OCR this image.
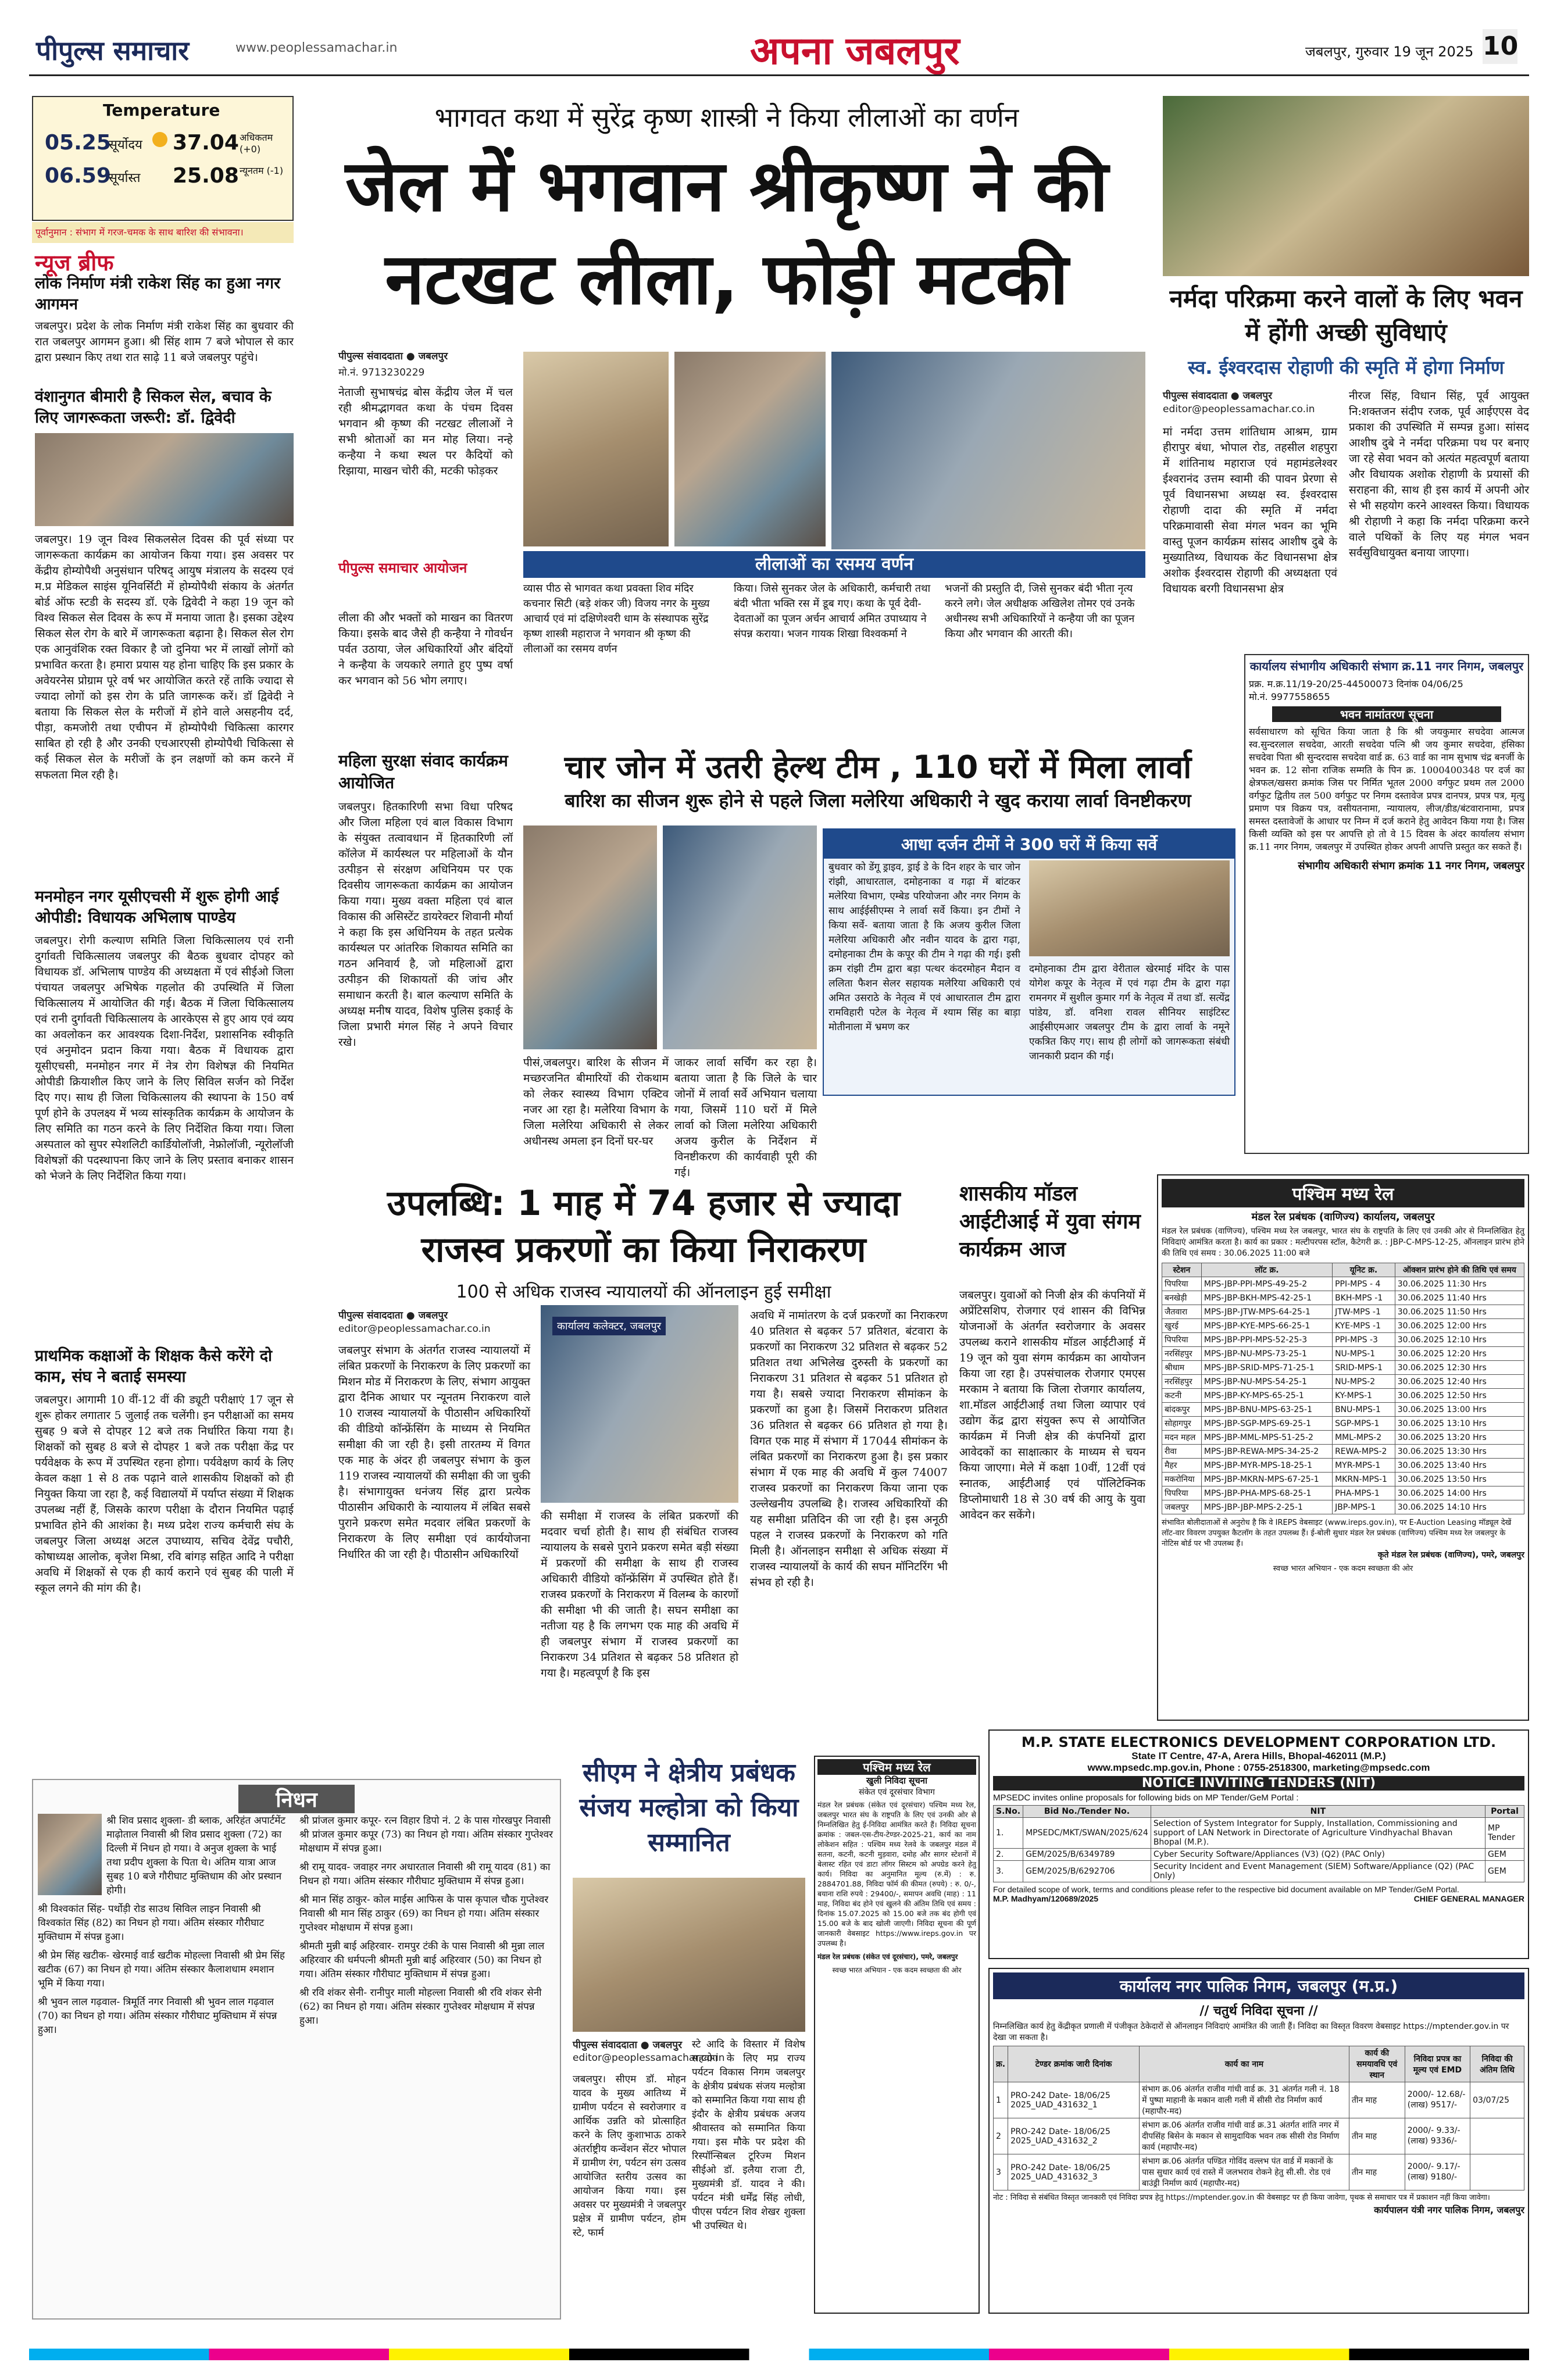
पीपुल्स समाचार	www.peoplessamachar.in	अपना जबलपुर	जबलपुर, गुरुवार 19 जून 2025 10
Temperature
05.25
सूर्योदय
06.59
सूर्यास्त
37.04 अधिकतम (+0)
25.08 न्यूनतम (-1)
पूर्वानुमान : संभाग में गरज-चमक के साथ बारिश की संभावना।
न्यूज ब्रीफ
लोक निर्माण मंत्री राकेश सिंह का हुआ नगर आगमन
जबलपुर। प्रदेश के लोक निर्माण मंत्री राकेश सिंह का बुधवार की रात जबलपुर आगमन हुआ। श्री सिंह शाम 7 बजे भोपाल से कार द्वारा प्रस्थान किए तथा रात साढ़े 11 बजे जबलपुर पहुंचे।
वंशानुगत बीमारी है सिकल सेल, बचाव के लिए जागरूकता जरूरी: डॉ. द्विवेदी
जबलपुर। 19 जून विश्व सिकलसेल दिवस की पूर्व संध्या पर जागरूकता कार्यक्रम का आयोजन किया गया। इस अवसर पर केंद्रीय होम्योपैथी अनुसंधान परिषद् आयुष मंत्रालय के सदस्य एवं म.प्र मेडिकल साइंस यूनिवर्सिटी में होम्योपैथी संकाय के अंतर्गत बोर्ड ऑफ स्टडी के सदस्य डॉ. एके द्विवेदी ने कहा 19 जून को विश्व सिकल सेल दिवस के रूप में मनाया जाता है। इसका उद्देश्य सिकल सेल रोग के बारे में जागरूकता बढ़ाना है। सिकल सेल रोग एक आनुवंशिक रक्त विकार है जो दुनिया भर में लाखों लोगों को प्रभावित करता है। हमारा प्रयास यह होना चाहिए कि इस प्रकार के अवेयरनेस प्रोग्राम पूरे वर्ष भर आयोजित करते रहें ताकि ज्यादा से ज्यादा लोगों को इस रोग के प्रति जागरूक करें। डॉ द्विवेदी ने बताया कि सिकल सेल के मरीजों में होने वाले असहनीय दर्द, पीड़ा, कमजोरी तथा एचीपन में होम्योपैथी चिकित्सा कारगर साबित हो रही है और उनकी एचआरएसी होम्योपैथी चिकित्सा से कई सिकल सेल के मरीजों के इन लक्षणों को कम करने में सफलता मिल रही है।
मनमोहन नगर यूसीएचसी में शुरू होगी आई ओपीडी: विधायक अभिलाष पाण्डेय
जबलपुर। रोगी कल्याण समिति जिला चिकित्सालय एवं रानी दुर्गावती चिकित्सालय जबलपुर की बैठक बुधवार दोपहर को विधायक डॉ. अभिलाष पाण्डेय की अध्यक्षता में एवं सीईओ जिला पंचायत जबलपुर अभिषेक गहलोत की उपस्थिति में जिला चिकित्सालय में आयोजित की गई। बैठक में जिला चिकित्सालय एवं रानी दुर्गावती चिकित्सालय के आरकेएस से हुए आय एवं व्यय का अवलोकन कर आवश्यक दिशा-निर्देश, प्रशासनिक स्वीकृति एवं अनुमोदन प्रदान किया गया। बैठक में विधायक द्वारा यूसीएचसी, मनमोहन नगर में नेत्र रोग विशेषज्ञ की नियमित ओपीडी क्रियाशील किए जाने के लिए सिविल सर्जन को निर्देश दिए गए। साथ ही जिला चिकित्सालय की स्थापना के 150 वर्ष पूर्ण होने के उपलक्ष्य में भव्य सांस्कृतिक कार्यक्रम के आयोजन के लिए समिति का गठन करने के लिए निर्देशित किया गया। जिला अस्पताल को सुपर स्पेशलिटी कार्डियोलॉजी, नेफ्रोलॉजी, न्यूरोलॉजी विशेषज्ञों की पदस्थापना किए जाने के लिए प्रस्ताव बनाकर शासन को भेजने के लिए निर्देशित किया गया।
प्राथमिक कक्षाओं के शिक्षक कैसे करेंगे दो काम, संघ ने बताई समस्या
जबलपुर। आगामी 10 वीं-12 वीं की ड्यूटी परीक्षाएं 17 जून से शुरू होकर लगातार 5 जुलाई तक चलेंगी। इन परीक्षाओं का समय सुबह 9 बजे से दोपहर 12 बजे तक निर्धारित किया गया है। शिक्षकों को सुबह 8 बजे से दोपहर 1 बजे तक परीक्षा केंद्र पर पर्यवेक्षक के रूप में उपस्थित रहना होगा। पर्यवेक्षण कार्य के लिए केवल कक्षा 1 से 8 तक पढ़ाने वाले शासकीय शिक्षकों को ही नियुक्त किया जा रहा है, कई विद्यालयों में पर्याप्त संख्या में शिक्षक उपलब्ध नहीं हैं, जिसके कारण परीक्षा के दौरान नियमित पढ़ाई प्रभावित होने की आशंका है। मध्य प्रदेश राज्य कर्मचारी संघ के जबलपुर जिला अध्यक्ष अटल उपाध्याय, सचिव देवेंद्र पचौरी, कोषाध्यक्ष आलोक, बृजेश मिश्रा, रवि बांगड़ सहित आदि ने परीक्षा अवधि में शिक्षकों से एक ही कार्य कराने एवं सुबह की पाली में स्कूल लगने की मांग की है।
भागवत कथा में सुरेंद्र कृष्ण शास्त्री ने किया लीलाओं का वर्णन
जेल में भगवान श्रीकृष्ण ने की नटखट लीला, फोड़ी मटकी
पीपुल्स संवाददाता ● जबलपुर
मो.नं. 9713230229
नेताजी सुभाषचंद्र बोस केंद्रीय जेल में चल रही श्रीमद्भागवत कथा के पंचम दिवस भगवान श्री कृष्ण की नटखट लीलाओं ने सभी श्रोताओं का मन मोह लिया। नन्हे कन्हैया ने कथा स्थल पर कैदियों को रिझाया, माखन चोरी की, मटकी फोड़कर
पीपुल्स समाचार आयोजन
लीला की और भक्तों को माखन का वितरण किया। इसके बाद जैसे ही कन्हैया ने गोवर्धन पर्वत उठाया, जेल अधिकारियों और बंदियों ने कन्हैया के जयकारे लगाते हुए पुष्प वर्षा कर भगवान को 56 भोग लगाए।
लीलाओं का रसमय वर्णन
व्यास पीठ से भागवत कथा प्रवक्ता शिव मंदिर कचनार सिटी (बड़े शंकर जी) विजय नगर के मुख्य आचार्य एवं मां दक्षिणेश्वरी धाम के संस्थापक सुरेंद्र कृष्ण शास्त्री महाराज ने भगवान श्री कृष्ण की लीलाओं का रसमय वर्णन
किया। जिसे सुनकर जेल के अधिकारी, कर्मचारी तथा बंदी भीता भक्ति रस में डूब गए। कथा के पूर्व देवी-देवताओं का पूजन अर्चन आचार्य अमित उपाध्याय ने संपन्न कराया। भजन गायक शिखा विश्वकर्मा ने
भजनों की प्रस्तुति दी, जिसे सुनकर बंदी भीता नृत्य करने लगे। जेल अधीक्षक अखिलेश तोमर एवं उनके अधीनस्थ सभी अधिकारियों ने कन्हैया जी का पूजन किया और भगवान की आरती की।
नर्मदा परिक्रमा करने वालों के लिए भवन में होंगी अच्छी सुविधाएं
स्व. ईश्वरदास रोहाणी की स्मृति में होगा निर्माण
पीपुल्स संवाददाता ● जबलपुर
editor@peoplessamachar.co.in
मां नर्मदा उत्तम शांतिधाम आश्रम, ग्राम हीरापुर बंधा, भोपाल रोड, तहसील शहपुरा में शांतिनाथ महाराज एवं महामंडलेश्वर ईश्वरानंद उत्तम स्वामी की पावन प्रेरणा से पूर्व विधानसभा अध्यक्ष स्व. ईश्वरदास रोहाणी दादा की स्मृति में नर्मदा परिक्रमावासी सेवा मंगल भवन का भूमि वास्तु पूजन कार्यक्रम सांसद आशीष दुबे के मुख्यातिथ्य, विधायक केंट विधानसभा क्षेत्र अशोक ईश्वरदास रोहाणी की अध्यक्षता एवं विधायक बरगी विधानसभा क्षेत्र
नीरज सिंह, विधान सिंह, पूर्व आयुक्त नि:शक्तजन संदीप रजक, पूर्व आईएएस वेद प्रकाश की उपस्थिति में सम्पन्न हुआ। सांसद आशीष दुबे ने नर्मदा परिक्रमा पथ पर बनाए जा रहे सेवा भवन को अत्यंत महत्वपूर्ण बताया और विधायक अशोक रोहाणी के प्रयासों की सराहना की, साथ ही इस कार्य में अपनी ओर से भी सहयोग करने आश्वस्त किया। विधायक श्री रोहाणी ने कहा कि नर्मदा परिक्रमा करने वाले पथिकों के लिए यह मंगल भवन सर्वसुविधायुक्त बनाया जाएगा।
कार्यालय संभागीय अधिकारी संभाग क्र.11 नगर निगम, जबलपुर
प्रक्र. म.क्र.11/19-20/25-44500073 दिनांक 04/06/25
मो.नं. 9977558655
भवन नामांतरण सूचना
सर्वसाधारण को सूचित किया जाता है कि श्री जयकुमार सचदेवा आत्मज स्व.सुन्दरलाल सचदेवा, आरती सचदेवा पत्नि श्री जय कुमार सचदेवा, हंसिका सचदेवा पिता श्री सुन्दरदास सचदेवा वार्ड क्र. 63 वार्ड का नाम सुभाष चंद्र बनर्जी के भवन क्र. 12 सोना राजिक सम्मति के पिन क्र. 1000400348 पर दर्ज का क्षेत्रफल/खसरा क्रमांक जिस पर निर्मित भूतल 2000 वर्गफुट प्रथम तल 2000 वर्गफुट द्वितीय तल 500 वर्गफुट पर निगम दस्तावेज प्रपत्र दानपत्र, प्रपत्र पत्र, मृत्यु प्रमाण पत्र विक्रय पत्र, वसीयतनामा, न्यायालय, लीज/डीड/बंटवारानामा, प्रपत्र समस्त दस्तावेजों के आधार पर निम्न में दर्ज कराने हेतु आवेदन किया गया है। जिस किसी व्यक्ति को इस पर आपत्ति हो तो वे 15 दिवस के अंदर कार्यालय संभाग क्र.11 नगर निगम, जबलपुर में उपस्थित होकर अपनी आपत्ति प्रस्तुत कर सकते हैं।
संभागीय अधिकारी संभाग क्रमांक 11 नगर निगम, जबलपुर
महिला सुरक्षा संवाद कार्यक्रम आयोजित
जबलपुर। हितकारिणी सभा विधा परिषद और जिला महिला एवं बाल विकास विभाग के संयुक्त तत्वावधान में हितकारिणी लॉ कॉलेज में कार्यस्थल पर महिलाओं के यौन उत्पीड़न से संरक्षण अधिनियम पर एक दिवसीय जागरूकता कार्यक्रम का आयोजन किया गया। मुख्य वक्ता महिला एवं बाल विकास की असिस्टेंट डायरेक्टर शिवानी मौर्या ने कहा कि इस अधिनियम के तहत प्रत्येक कार्यस्थल पर आंतरिक शिकायत समिति का गठन अनिवार्य है, जो महिलाओं द्वारा उत्पीड़न की शिकायतों की जांच और समाधान करती है। बाल कल्याण समिति के अध्यक्ष मनीष यादव, विशेष पुलिस इकाई के जिला प्रभारी मंगल सिंह ने अपने विचार रखे।
चार जोन में उतरी हेल्थ टीम , 110 घरों में मिला लार्वा
बारिश का सीजन शुरू होने से पहले जिला मलेरिया अधिकारी ने खुद कराया लार्वा विनष्टीकरण
आधा दर्जन टीमों ने 300 घरों में किया सर्वे
बुधवार को डेंगू ड्राइव, ड्राई डे के दिन शहर के चार जोन रांझी, आधारताल, दमोहनाका व गढ़ा में बांटकर मलेरिया विभाग, एम्बेड परियोजना और नगर निगम के साथ आईईसीएम्स ने लार्वा सर्वे किया। इन टीमों ने किया सर्वे- बताया जाता है कि अजय कुरील जिला मलेरिया अधिकारी और नवीन यादव के द्वारा गढ़ा, दमोहनाका टीम के कपूर की टीम ने गढ़ा की गई। इसी क्रम रांझी टीम द्वारा बड़ा पत्थर कंदरमोहन मैदान व ललिता फैशन सेलर सहायक मलेरिया अधिकारी एवं अमित उसराठे के नेतृत्व में एवं आधारताल टीम द्वारा रामविहारी पटेल के नेतृत्व में श्याम सिंह का बाड़ा मोतीनाला में भ्रमण कर
दमोहनाका टीम द्वारा वेरीताल खेरमाई मंदिर के पास योगेश कपूर के नेतृत्व में एवं गढ़ा टीम के द्वारा गढ़ा रामनगर में सुशील कुमार गर्ग के नेतृत्व में तथा डॉ. सत्येंद्र पांडेय, डॉ. वनिशा रावल सीनियर साइंटिस्ट आईसीएमआर जबलपुर टीम के द्वारा लार्वा के नमूने एकत्रित किए गए। साथ ही लोगों को जागरूकता संबंधी जानकारी प्रदान की गई।
पीसं,जबलपुर। बारिश के सीजन में मच्छरजनित बीमारियों की रोकथाम को लेकर स्वास्थ्य विभाग एक्टिव नजर आ रहा है। मलेरिया विभाग के जिला मलेरिया अधिकारी से लेकर अधीनस्थ अमला इन दिनों घर-घर
जाकर लार्वा सर्चिंग कर रहा है। बताया जाता है कि जिले के चार जोनों में लार्वा सर्वे अभियान चलाया गया, जिसमें 110 घरों में मिले लार्वा को जिला मलेरिया अधिकारी अजय कुरील के निर्देशन में विनष्टीकरण की कार्यवाही पूरी की गई।
उपलब्धि: 1 माह में 74 हजार से ज्यादा
राजस्व प्रकरणों का किया निराकरण
100 से अधिक राजस्व न्यायालयों की ऑनलाइन हुई समीक्षा
पीपुल्स संवाददाता ● जबलपुर
editor@peoplessamachar.co.in
जबलपुर संभाग के अंतर्गत राजस्व न्यायालयों में लंबित प्रकरणों के निराकरण के लिए प्रकरणों का मिशन मोड में निराकरण के लिए, संभाग आयुक्त द्वारा दैनिक आधार पर न्यूनतम निराकरण वाले 10 राजस्व न्यायालयों के पीठासीन अधिकारियों की वीडियो कॉन्फ्रेंसिंग के माध्यम से नियमित समीक्षा की जा रही है। इसी तारतम्य में विगत एक माह के अंदर ही जबलपुर संभाग के कुल 119 राजस्व न्यायालयों की समीक्षा की जा चुकी है। संभागायुक्त धनंजय सिंह द्वारा प्रत्येक पीठासीन अधिकारी के न्यायालय में लंबित सबसे पुराने प्रकरण समेत मदवार लंबित प्रकरणों के निराकरण के लिए समीक्षा एवं कार्ययोजना निर्धारित की जा रही है। पीठासीन अधिकारियों
कार्यालय कलेक्टर, जबलपुर
की समीक्षा में राजस्व के लंबित प्रकरणों की मदवार चर्चा होती है। साथ ही संबंधित राजस्व न्यायालय के सबसे पुराने प्रकरण समेत बड़ी संख्या में प्रकरणों की समीक्षा के साथ ही राजस्व अधिकारी वीडियो कॉन्फ्रेंसिंग में उपस्थित होते हैं। राजस्व प्रकरणों के निराकरण में विलम्ब के कारणों की समीक्षा भी की जाती है। सघन समीक्षा का नतीजा यह है कि लगभग एक माह की अवधि में ही जबलपुर संभाग में राजस्व प्रकरणों का निराकरण 34 प्रतिशत से बढ़कर 58 प्रतिशत हो गया है। महत्वपूर्ण है कि इस
अवधि में नामांतरण के दर्ज प्रकरणों का निराकरण 40 प्रतिशत से बढ़कर 57 प्रतिशत, बंटवारा के प्रकरणों का निराकरण 32 प्रतिशत से बढ़कर 52 प्रतिशत तथा अभिलेख दुरुस्ती के प्रकरणों का निराकरण 31 प्रतिशत से बढ़कर 51 प्रतिशत हो गया है। सबसे ज्यादा निराकरण सीमांकन के प्रकरणों का हुआ है। जिसमें निराकरण प्रतिशत 36 प्रतिशत से बढ़कर 66 प्रतिशत हो गया है। विगत एक माह में संभाग में 17044 सीमांकन के लंबित प्रकरणों का निराकरण हुआ है। इस प्रकार संभाग में एक माह की अवधि में कुल 74007 राजस्व प्रकरणों का निराकरण किया जाना एक उल्लेखनीय उपलब्धि है। राजस्व अधिकारियों की यह समीक्षा प्रतिदिन की जा रही है। इस अनूठी पहल ने राजस्व प्रकरणों के निराकरण को गति मिली है। ऑनलाइन समीक्षा से अधिक संख्या में राजस्व न्यायालयों के कार्य की सघन मॉनिटरिंग भी संभव हो रही है।
शासकीय मॉडल आईटीआई में युवा संगम कार्यक्रम आज
जबलपुर। युवाओं को निजी क्षेत्र की कंपनियों में अप्रेंटिसशिप, रोजगार एवं शासन की विभिन्न योजनाओं के अंतर्गत स्वरोजगार के अवसर उपलब्ध कराने शासकीय मॉडल आईटीआई में 19 जून को युवा संगम कार्यक्रम का आयोजन किया जा रहा है। उपसंचालक रोजगार एमएस मरकाम ने बताया कि जिला रोजगार कार्यालय, शा.मॉडल आईटीआई तथा जिला व्यापार एवं उद्योग केंद्र द्वारा संयुक्त रूप से आयोजित कार्यक्रम में निजी क्षेत्र की कंपनियों द्वारा आवेदकों का साक्षात्कार के माध्यम से चयन किया जाएगा। मेले में कक्षा 10वीं, 12वीं एवं स्नातक, आईटीआई एवं पॉलिटेक्निक डिप्लोमाधारी 18 से 30 वर्ष की आयु के युवा आवेदन कर सकेंगे।
पश्चिम मध्य रेल
मंडल रेल प्रबंधक (वाणिज्य) कार्यालय, जबलपुर
मंडल रेल प्रबंधक (वाणिज्य), पश्चिम मध्य रेल जबलपुर, भारत संघ के राष्ट्रपति के लिए एवं उनकी ओर से निम्नलिखित हेतु निविदाएं आमंत्रित करता है। कार्य का प्रकार : मल्टीपरपस स्टॉल, कैटेगरी क्र. : JBP-C-MPS-12-25, ऑनलाइन प्रारंभ होने की तिथि एवं समय : 30.06.2025 11:00 बजे
स्टेशन	लॉट क्र.	यूनिट क्र.	ऑक्शन प्रारंभ होने की तिथि एवं समय
पिपरिया	MPS-JBP-PPI-MPS-49-25-2	PPI-MPS - 4	30.06.2025 11:30 Hrs
बनखेड़ी	MPS-JBP-BKH-MPS-42-25-1	BKH-MPS -1	30.06.2025 11:40 Hrs
जैतवारा	MPS-JBP-JTW-MPS-64-25-1	JTW-MPS -1	30.06.2025 11:50 Hrs
खुरई	MPS-JBP-KYE-MPS-66-25-1	KYE-MPS -1	30.06.2025 12:00 Hrs
पिपरिया	MPS-JBP-PPI-MPS-52-25-3	PPI-MPS -3	30.06.2025 12:10 Hrs
नरसिंहपुर	MPS-JBP-NU-MPS-73-25-1	NU-MPS-1	30.06.2025 12:20 Hrs
श्रीधाम	MPS-JBP-SRID-MPS-71-25-1	SRID-MPS-1	30.06.2025 12:30 Hrs
नरसिंहपुर	MPS-JBP-NU-MPS-54-25-1	NU-MPS-2	30.06.2025 12:40 Hrs
कटनी	MPS-JBP-KY-MPS-65-25-1	KY-MPS-1	30.06.2025 12:50 Hrs
बांदकपुर	MPS-JBP-BNU-MPS-63-25-1	BNU-MPS-1	30.06.2025 13:00 Hrs
सोहागपुर	MPS-JBP-SGP-MPS-69-25-1	SGP-MPS-1	30.06.2025 13:10 Hrs
मदन महल	MPS-JBP-MML-MPS-51-25-2	MML-MPS-2	30.06.2025 13:20 Hrs
रीवा	MPS-JBP-REWA-MPS-34-25-2	REWA-MPS-2	30.06.2025 13:30 Hrs
मैहर	MPS-JBP-MYR-MPS-18-25-1	MYR-MPS-1	30.06.2025 13:40 Hrs
मकरोनिया	MPS-JBP-MKRN-MPS-67-25-1	MKRN-MPS-1	30.06.2025 13:50 Hrs
पिपरिया	MPS-JBP-PHA-MPS-68-25-1	PHA-MPS-1	30.06.2025 14:00 Hrs
जबलपुर	MPS-JBP-JBP-MPS-2-25-1	JBP-MPS-1	30.06.2025 14:10 Hrs
संभावित बोलीदाताओं से अनुरोध है कि वे IREPS वेबसाइट (www.ireps.gov.in), पर E-Auction Leasing मॉड्यूल देखें लॉट-वार विवरण उपयुक्त कैटलॉग के तहत उपलब्ध हैं। ई-बोली सुधार मंडल रेल प्रबंधक (वाणिज्य) पश्चिम मध्य रेल जबलपुर के नोटिस बोर्ड पर भी उपलब्ध हैं।
कृते मंडल रेल प्रबंधक (वाणिज्य), पमरे, जबलपुर
स्वच्छ भारत अभियान - एक कदम स्वच्छता की ओर
M.P. STATE ELECTRONICS DEVELOPMENT CORPORATION LTD.
State IT Centre, 47-A, Arera Hills, Bhopal-462011 (M.P.)
www.mpsedc.mp.gov.in, Phone : 0755-2518300, marketing@mpsedc.com
NOTICE INVITING TENDERS (NIT)
MPSEDC invites online proposals for following bids on MP Tender/GeM Portal :
S.No.	Bid No./Tender No.	NIT	Portal
1.	MPSEDC/MKT/SWAN/2025/624	Selection of System Integrator for Supply, Installation, Commissioning and support of LAN Network in Directorate of Agriculture Vindhyachal Bhavan Bhopal (M.P.).	MP Tender
2.	GEM/2025/B/6349789	Cyber Security Software/Appliances (V3) (Q2) (PAC Only)	GEM
3.	GEM/2025/B/6292706	Security Incident and Event Management (SIEM) Software/Appliance (Q2) (PAC Only)	GEM
For detailed scope of work, terms and conditions please refer to the respective bid document available on MP Tender/GeM Portal.
M.P. Madhyam/120689/2025	CHIEF GENERAL MANAGER
निधन
श्री शिव प्रसाद शुक्ला- डी ब्लाक, अरिहंत अपार्टमेंट माढ़ोताल निवासी श्री शिव प्रसाद शुक्ला (72) का दिल्ली में निधन हो गया। वे अनुज शुक्ला के भाई तथा प्रदीप शुक्ला के पिता थे। अंतिम यात्रा आज सुबह 10 बजे गौरीघाट मुक्तिधाम की ओर प्रस्थान होगी।
श्री विश्वकांत सिंह- पर्थोड़ी रोड साउथ सिविल लाइन निवासी श्री विश्वकांत सिंह (82) का निधन हो गया। अंतिम संस्कार गौरीघाट मुक्तिधाम में संपन्न हुआ।
श्री प्रेम सिंह खटीक- खेरमाई वार्ड खटीक मोहल्ला निवासी श्री प्रेम सिंह खटीक (67) का निधन हो गया। अंतिम संस्कार कैलाशधाम श्मशान भूमि में किया गया।
श्री भुवन लाल गढ़वाल- त्रिमूर्ति नगर निवासी श्री भुवन लाल गढ़वाल (70) का निधन हो गया। अंतिम संस्कार गौरीघाट मुक्तिधाम में संपन्न हुआ।
श्री प्रांजल कुमार कपूर- रत्न विहार डिपो नं. 2 के पास गोरखपुर निवासी श्री प्रांजल कुमार कपूर (73) का निधन हो गया। अंतिम संस्कार गुप्तेश्वर मोक्षधाम में संपन्न हुआ।
श्री रामू यादव- जवाहर नगर अधारताल निवासी श्री रामू यादव (81) का निधन हो गया। अंतिम संस्कार गौरीघाट मुक्तिधाम में संपन्न हुआ।
श्री मान सिंह ठाकुर- कोल माईस आफिस के पास कृपाल चौक गुप्तेश्वर निवासी श्री मान सिंह ठाकुर (69) का निधन हो गया। अंतिम संस्कार गुप्तेश्वर मोक्षधाम में संपन्न हुआ।
श्रीमती मुन्नी बाई अहिरवार- रामपुर टंकी के पास निवासी श्री मुन्ना लाल अहिरवार की धर्मपत्नी श्रीमती मुन्नी बाई अहिरवार (50) का निधन हो गया। अंतिम संस्कार गौरीघाट मुक्तिधाम में संपन्न हुआ।
श्री रवि शंकर सेनी- रानीपुर माली मोहल्ला निवासी श्री रवि शंकर सेनी (62) का निधन हो गया। अंतिम संस्कार गुप्तेश्वर मोक्षधाम में संपन्न हुआ।
सीएम ने क्षेत्रीय प्रबंधक संजय मल्होत्रा को किया सम्मानित
पीपुल्स संवाददाता ● जबलपुर
editor@peoplessamachar.co.in
जबलपुर। सीएम डॉ. मोहन यादव के मुख्य आतिथ्य में ग्रामीण पर्यटन से स्वरोजगार व आर्थिक उन्नति को प्रोत्साहित करने के लिए कुशाभाऊ ठाकरे अंतर्राष्ट्रीय कन्वेंशन सेंटर भोपाल में ग्रामीण रंग, पर्यटन संग उत्सव आयोजित स्तरीय उत्सव का आयोजन किया गया। इस अवसर पर मुख्यमंत्री ने जबलपुर प्रक्षेत्र में ग्रामीण पर्यटन, होम स्टे, फार्म
स्टे आदि के विस्तार में विशेष सहयोग के लिए मप्र राज्य पर्यटन विकास निगम जबलपुर के क्षेत्रीय प्रबंधक संजय मल्होत्रा को सम्मानित किया गया साथ ही इंदौर के क्षेत्रीय प्रबंधक अजय श्रीवास्तव को सम्मानित किया गया। इस मौके पर प्रदेश की रिस्पॉन्सिबल टूरिज्म मिशन सीईओ डॉ. इलैया राजा टी, मुख्यमंत्री डॉ. यादव ने की। पर्यटन मंत्री धर्मेंद्र सिंह लोधी, पीएस पर्यटन शिव शेखर शुक्ला भी उपस्थित थे।
पश्चिम मध्य रेल
खुली निविदा सूचना
संकेत एवं दूरसंचार विभाग
मंडल रेल प्रबंधक (संकेत एवं दूरसंचार) पश्चिम मध्य रेल, जबलपुर भारत संघ के राष्ट्रपति के लिए एवं उनकी ओर से निम्नलिखित हेतु ई-निविदा आमंत्रित करते हैं। निविदा सूचना क्रमांक : जबल-एस-टीय-टेण्डर-2025-21, कार्य का नाम लोकेशन सहित : पश्चिम मध्य रेलवे के जबलपुर मंडल में सतना, कटनी, कटनी मुड़वारा, दमोह और सागर स्टेशनों में बेलास्ट रहित एवं डाटा लॉगर सिस्टम को अपग्रेड करने हेतु कार्य। निविदा का अनुमानित मूल्य (रु.में) : रु. 2884701.88, निविदा फॉर्म की कीमत (रुपये) : रु. 0/-, बयाना राशि रुपये : 29400/-, समापन अवधि (माह) : 11 माह, निविदा बंद होने एवं खुलने की अंतिम तिथि एवं समय : दिनांक 15.07.2025 को 15.00 बजे तक बंद होगी एवं 15.00 बजे के बाद खोली जाएगी। निविदा सूचना की पूर्ण जानकारी वेबसाइट https://www.ireps.gov.in पर उपलब्ध है।
मंडल रेल प्रबंधक (संकेत एवं दूरसंचार), पमरे, जबलपुर
स्वच्छ भारत अभियान - एक कदम स्वच्छता की ओर
कार्यालय नगर पालिक निगम, जबलपुर (म.प्र.)
// चतुर्थ निविदा सूचना //
निम्नलिखित कार्य हेतु केंद्रीकृत प्रणाली में पंजीकृत ठेकेदारों से ऑनलाइन निविदाएं आमंत्रित की जाती हैं। निविदा का विस्तृत विवरण वेबसाइट https://mptender.gov.in पर देखा जा सकता है।
क्र.	टेण्डर क्रमांक जारी दिनांक	कार्य का नाम	कार्य की समयावधि एवं स्थान	निविदा प्रपत्र का मूल्य एवं EMD	निविदा की अंतिम तिथि
1	PRO-242 Date- 18/06/25 2025_UAD_431632_1	संभाग क्र.06 अंतर्गत राजीव गांधी वार्ड क्र. 31 अंतर्गत गली नं. 18 में पुष्पा माहानी के मकान वाली गली में सीसी रोड निर्माण कार्य (महापौर-मद)	तीन माह	2000/- 12.68/- (लाख) 9517/-	03/07/25
2	PRO-242 Date- 18/06/25 2025_UAD_431632_2	संभाग क्र.06 अंतर्गत राजीव गांधी वार्ड क्र.31 अंतर्गत शांति नगर में दीपसिंह बिसेन के मकान से सामुदायिक भवन तक सीसी रोड निर्माण कार्य (महापौर-मद)	तीन माह	2000/- 9.33/- (लाख) 9336/-	
3	PRO-242 Date- 18/06/25 2025_UAD_431632_3	संभाग क्र.06 अंतर्गत पण्डित गोविंद वल्लभ पंत वार्ड में मकानों के पास सुधार कार्य एवं रास्ते में जलभराव रोकने हेतु सी.सी. रोड एवं बाउंड्री निर्माण कार्य (महापौर-मद)	तीन माह	2000/- 9.17/- (लाख) 9180/-	
नोट : निविदा से संबंधित विस्तृत जानकारी एवं निविदा प्रपत्र हेतु https://mptender.gov.in की वेबसाइट पर ही किया जावेगा, पृथक से समाचार पत्र में प्रकाशन नहीं किया जावेगा।
कार्यपालन यंत्री नगर पालिक निगम, जबलपुर
